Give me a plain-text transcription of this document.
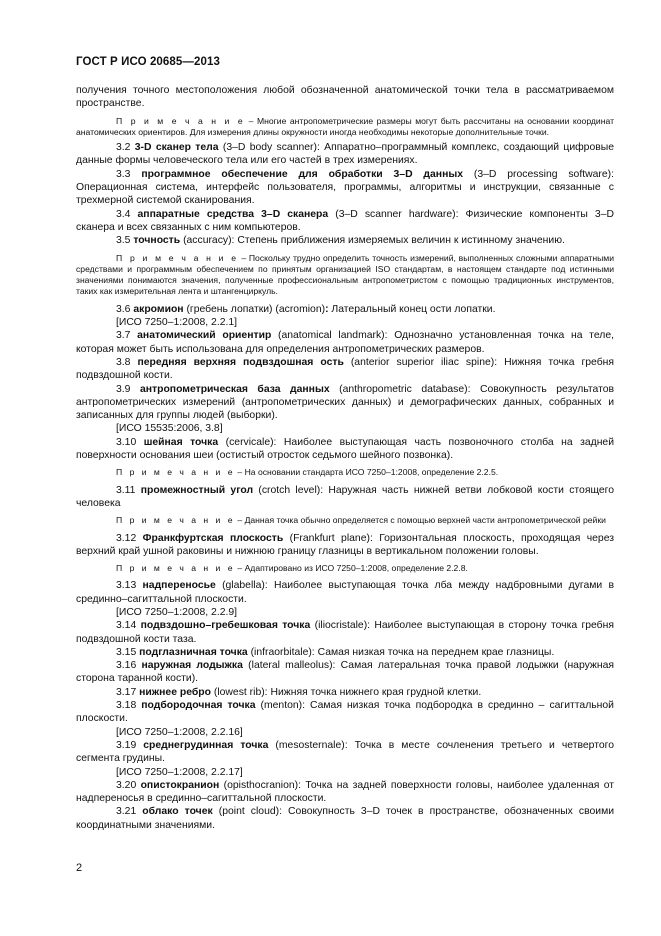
ГОСТ Р ИСО 20685—2013

получения точного местоположения любой обозначенной анатомической точки тела в рассматриваемом пространстве.

П р и м е ч а н и е – Многие антропометрические размеры могут быть рассчитаны на основании координат анатомических ориентиров. Для измерения длины окружности иногда необходимы некоторые дополнительные точки.

3.2 3-D сканер тела (3–D body scanner): Аппаратно–программный комплекс, создающий цифровые данные формы человеческого тела или его частей в трех измерениях.

3.3 программное обеспечение для обработки 3–D данных (3–D processing software): Операционная система, интерфейс пользователя, программы, алгоритмы и инструкции, связанные с трехмерной системой сканирования.

3.4 аппаратные средства 3–D сканера (3–D scanner hardware): Физические компоненты 3–D сканера и всех связанных с ним компьютеров.

3.5 точность (accuracy): Степень приближения измеряемых величин к истинному значению.

П р и м е ч а н и е – Поскольку трудно определить точность измерений, выполненных сложными аппаратными средствами и программным обеспечением по принятым организацией ISO стандартам, в настоящем стандарте под истинными значениями понимаются значения, полученные профессиональным антропометристом с помощью традиционных инструментов, таких как измерительная лента и штангенциркуль.

3.6 акромион (гребень лопатки) (acromion): Латеральный конец ости лопатки.

[ИСО 7250–1:2008, 2.2.1]

3.7 анатомический ориентир (anatomical landmark): Однозначно установленная точка на теле, которая может быть использована для определения антропометрических размеров.

3.8 передняя верхняя подвздошная ость (anterior superior iliac spine): Нижняя точка гребня подвздошной кости.

3.9 антропометрическая база данных (anthropometric database): Совокупность результатов антропометрических измерений (антропометрических данных) и демографических данных, собранных и записанных для группы людей (выборки).

[ИСО 15535:2006, 3.8]

3.10 шейная точка (cervicale): Наиболее выступающая часть позвоночного столба на задней поверхности основания шеи (остистый отросток седьмого шейного позвонка).

П р и м е ч а н и е – На основании стандарта ИСО 7250–1:2008, определение 2.2.5.

3.11 промежностный угол (crotch level): Наружная часть нижней ветви лобковой кости стоящего человека

П р и м е ч а н и е – Данная точка обычно определяется с помощью верхней части антропометрической рейки

3.12 Франкфуртская плоскость (Frankfurt plane): Горизонтальная плоскость, проходящая через верхний край ушной раковины и нижнюю границу глазницы в вертикальном положении головы.

П р и м е ч а н и е – Адаптировано из ИСО 7250–1:2008, определение 2.2.8.

3.13 надпереносье (glabella): Наиболее выступающая точка лба между надбровными дугами в срединно–сагиттальной плоскости.

[ИСО 7250–1:2008, 2.2.9]

3.14 подвздошно–гребешковая точка (iliocristale): Наиболее выступающая в сторону точка гребня подвздошной кости таза.

3.15 подглазничная точка (infraorbitale): Самая низкая точка на переднем крае глазницы.

3.16 наружная лодыжка (lateral malleolus): Самая латеральная точка правой лодыжки (наружная сторона таранной кости).

3.17 нижнее ребро (lowest rib): Нижняя точка нижнего края грудной клетки.

3.18 подбородочная точка (menton): Самая низкая точка подбородка в срединно – сагиттальной плоскости.

[ИСО 7250–1:2008, 2.2.16]

3.19 среднегрудинная точка (mesosternale): Точка в месте сочленения третьего и четвертого сегмента грудины.

[ИСО 7250–1:2008, 2.2.17]

3.20 опистокранион (opisthocranion): Точка на задней поверхности головы, наиболее удаленная от надпереносья в срединно–сагиттальной плоскости.

3.21 облако точек (point cloud): Совокупность 3–D точек в пространстве, обозначенных своими координатными значениями.

2
